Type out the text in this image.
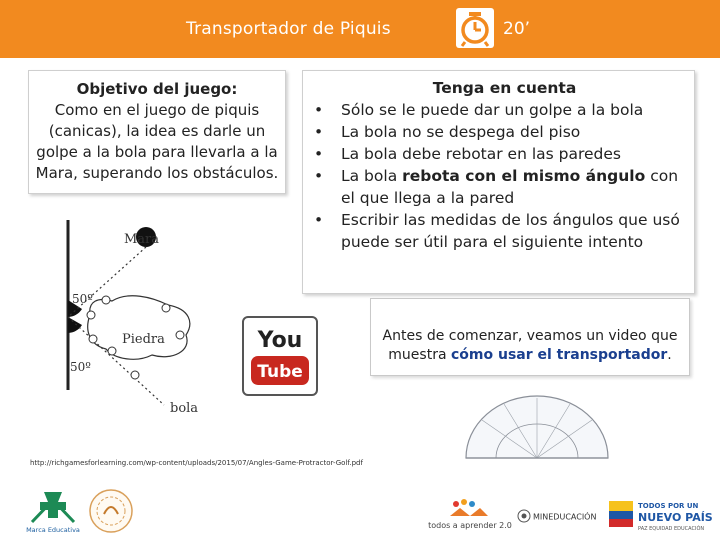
Transportador de Piquis	20’
Objetivo del juego:
Como en el juego de piquis (canicas), la idea es darle un golpe a la bola para llevarla a la Mara, superando los obstáculos.
Tenga en cuenta
• Sólo se le puede dar un golpe a la bola
• La bola no se despega del piso
• La bola debe rebotar en las paredes
• La bola rebota con el mismo ángulo con el que llega a la pared
• Escribir las medidas de los ángulos que usó puede ser útil para el siguiente intento
Mara
50º
50º
Piedra
bola
You
Tube
Antes de comenzar, veamos un video que muestra cómo usar el transportador.
http://richgamesforlearning.com/wp-content/uploads/2015/07/Angles-Game-Protractor-Golf.pdf
Marca Educativa	todos a aprender 2.0
MINEDUCACIÓN
TODOS POR UN
NUEVO PAÍS
PAZ EQUIDAD EDUCACIÓN
